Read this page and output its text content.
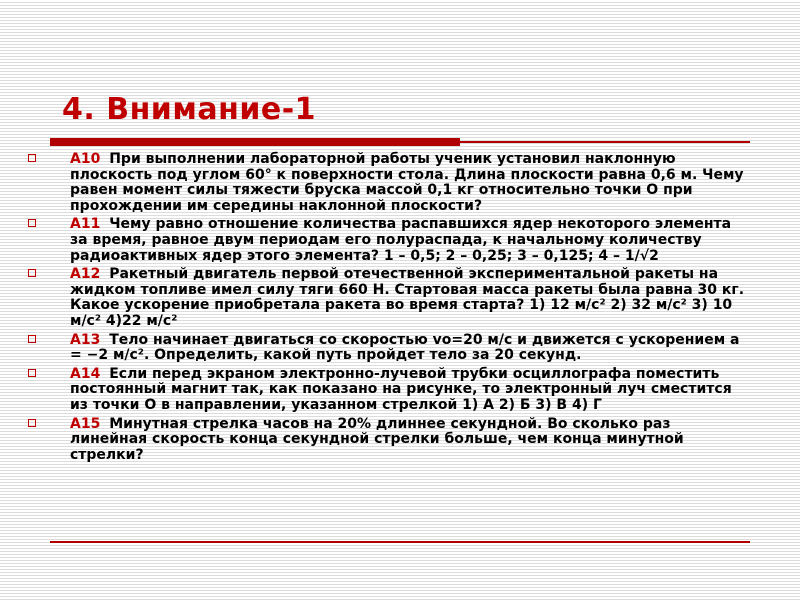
4. Внимание-1
А10 При выполнении лабораторной работы ученик установил наклонную плоскость под углом 60° к поверхности стола. Длина плоскости равна 0,6 м. Чему равен момент силы тяжести бруска массой 0,1 кг относительно точки О при прохождении им середины наклонной плоскости?
А11 Чему равно отношение количества распавшихся ядер некоторого элемента за время, равное двум периодам его полураспада, к начальному количеству радиоактивных ядер этого элемента? 1 – 0,5; 2 – 0,25; 3 – 0,125; 4 – 1/√2
А12 Ракетный двигатель первой отечественной экспериментальной ракеты на жидком топливе имел силу тяги 660 Н. Стартовая масса ракеты была равна 30 кг. Какое ускорение приобретала ракета во время старта? 1) 12 м/с² 2) 32 м/с² 3) 10 м/с² 4)22 м/с²
А13 Тело начинает двигаться со скоростью vo=20 м/с и движется с ускорением a = −2 м/с². Определить, какой путь пройдет тело за 20 секунд.
А14 Если перед экраном электронно-лучевой трубки осциллографа поместить постоянный магнит так, как показано на рисунке, то электронный луч сместится из точки О в направлении, указанном стрелкой 1) А 2) Б 3) В 4) Г
А15 Минутная стрелка часов на 20% длиннее секундной. Во сколько раз линейная скорость конца секундной стрелки больше, чем конца минутной стрелки?
